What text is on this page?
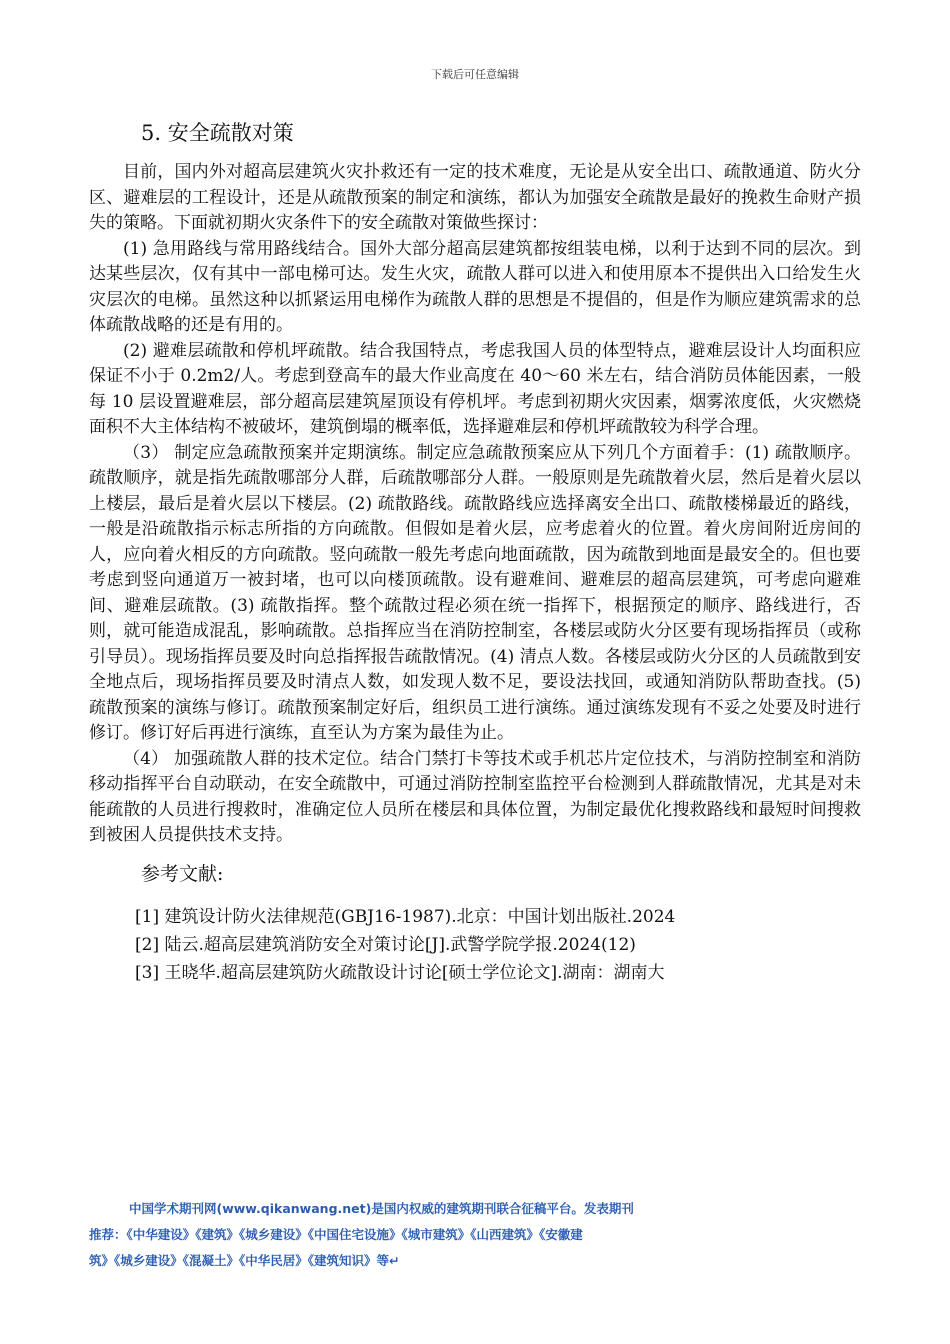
下载后可任意编辑
5. 安全疏散对策

目前，国内外对超高层建筑火灾扑救还有一定的技术难度，无论是从安全出口、疏散通道、防火分区、避难层的工程设计，还是从疏散预案的制定和演练，都认为加强安全疏散是最好的挽救生命财产损失的策略。下面就初期火灾条件下的安全疏散对策做些探讨：

(1) 急用路线与常用路线结合。国外大部分超高层建筑都按组装电梯，以利于达到不同的层次。到达某些层次，仅有其中一部电梯可达。发生火灾，疏散人群可以进入和使用原本不提供出入口给发生火灾层次的电梯。虽然这种以抓紧运用电梯作为疏散人群的思想是不提倡的，但是作为顺应建筑需求的总体疏散战略的还是有用的。

(2) 避难层疏散和停机坪疏散。结合我国特点，考虑我国人员的体型特点，避难层设计人均面积应保证不小于 0.2m2/人。考虑到登高车的最大作业高度在 40～60 米左右，结合消防员体能因素，一般每 10 层设置避难层，部分超高层建筑屋顶设有停机坪。考虑到初期火灾因素，烟雾浓度低，火灾燃烧面积不大主体结构不被破坏，建筑倒塌的概率低，选择避难层和停机坪疏散较为科学合理。

（3） 制定应急疏散预案并定期演练。制定应急疏散预案应从下列几个方面着手：(1) 疏散顺序。疏散顺序，就是指先疏散哪部分人群，后疏散哪部分人群。一般原则是先疏散着火层，然后是着火层以上楼层，最后是着火层以下楼层。(2) 疏散路线。疏散路线应选择离安全出口、疏散楼梯最近的路线，一般是沿疏散指示标志所指的方向疏散。但假如是着火层，应考虑着火的位置。着火房间附近房间的人，应向着火相反的方向疏散。竖向疏散一般先考虑向地面疏散，因为疏散到地面是最安全的。但也要考虑到竖向通道万一被封堵，也可以向楼顶疏散。设有避难间、避难层的超高层建筑，可考虑向避难间、避难层疏散。(3) 疏散指挥。整个疏散过程必须在统一指挥下，根据预定的顺序、路线进行，否则，就可能造成混乱，影响疏散。总指挥应当在消防控制室，各楼层或防火分区要有现场指挥员（或称引导员）。现场指挥员要及时向总指挥报告疏散情况。(4) 清点人数。各楼层或防火分区的人员疏散到安全地点后，现场指挥员要及时清点人数，如发现人数不足，要设法找回，或通知消防队帮助查找。(5) 疏散预案的演练与修订。疏散预案制定好后，组织员工进行演练。通过演练发现有不妥之处要及时进行修订。修订好后再进行演练，直至认为方案为最佳为止。

（4） 加强疏散人群的技术定位。结合门禁打卡等技术或手机芯片定位技术，与消防控制室和消防移动指挥平台自动联动，在安全疏散中，可通过消防控制室监控平台检测到人群疏散情况，尤其是对未能疏散的人员进行搜救时，准确定位人员所在楼层和具体位置，为制定最优化搜救路线和最短时间搜救到被困人员提供技术支持。

参考文献:
[1] 建筑设计防火法律规范(GBJ16-1987).北京：中国计划出版社.2024
[2] 陆云.超高层建筑消防安全对策讨论[J].武警学院学报.2024(12)
[3] 王晓华.超高层建筑防火疏散设计讨论[硕士学位论文].湖南：湖南大
中国学术期刊网(www.qikanwang.net)是国内权威的建筑期刊联合征稿平台。发表期刊
推荐：《中华建设》《建筑》《城乡建设》《中国住宅设施》《城市建筑》《山西建筑》《安徽建
筑》《城乡建设》《混凝土》《中华民居》《建筑知识》等↵
